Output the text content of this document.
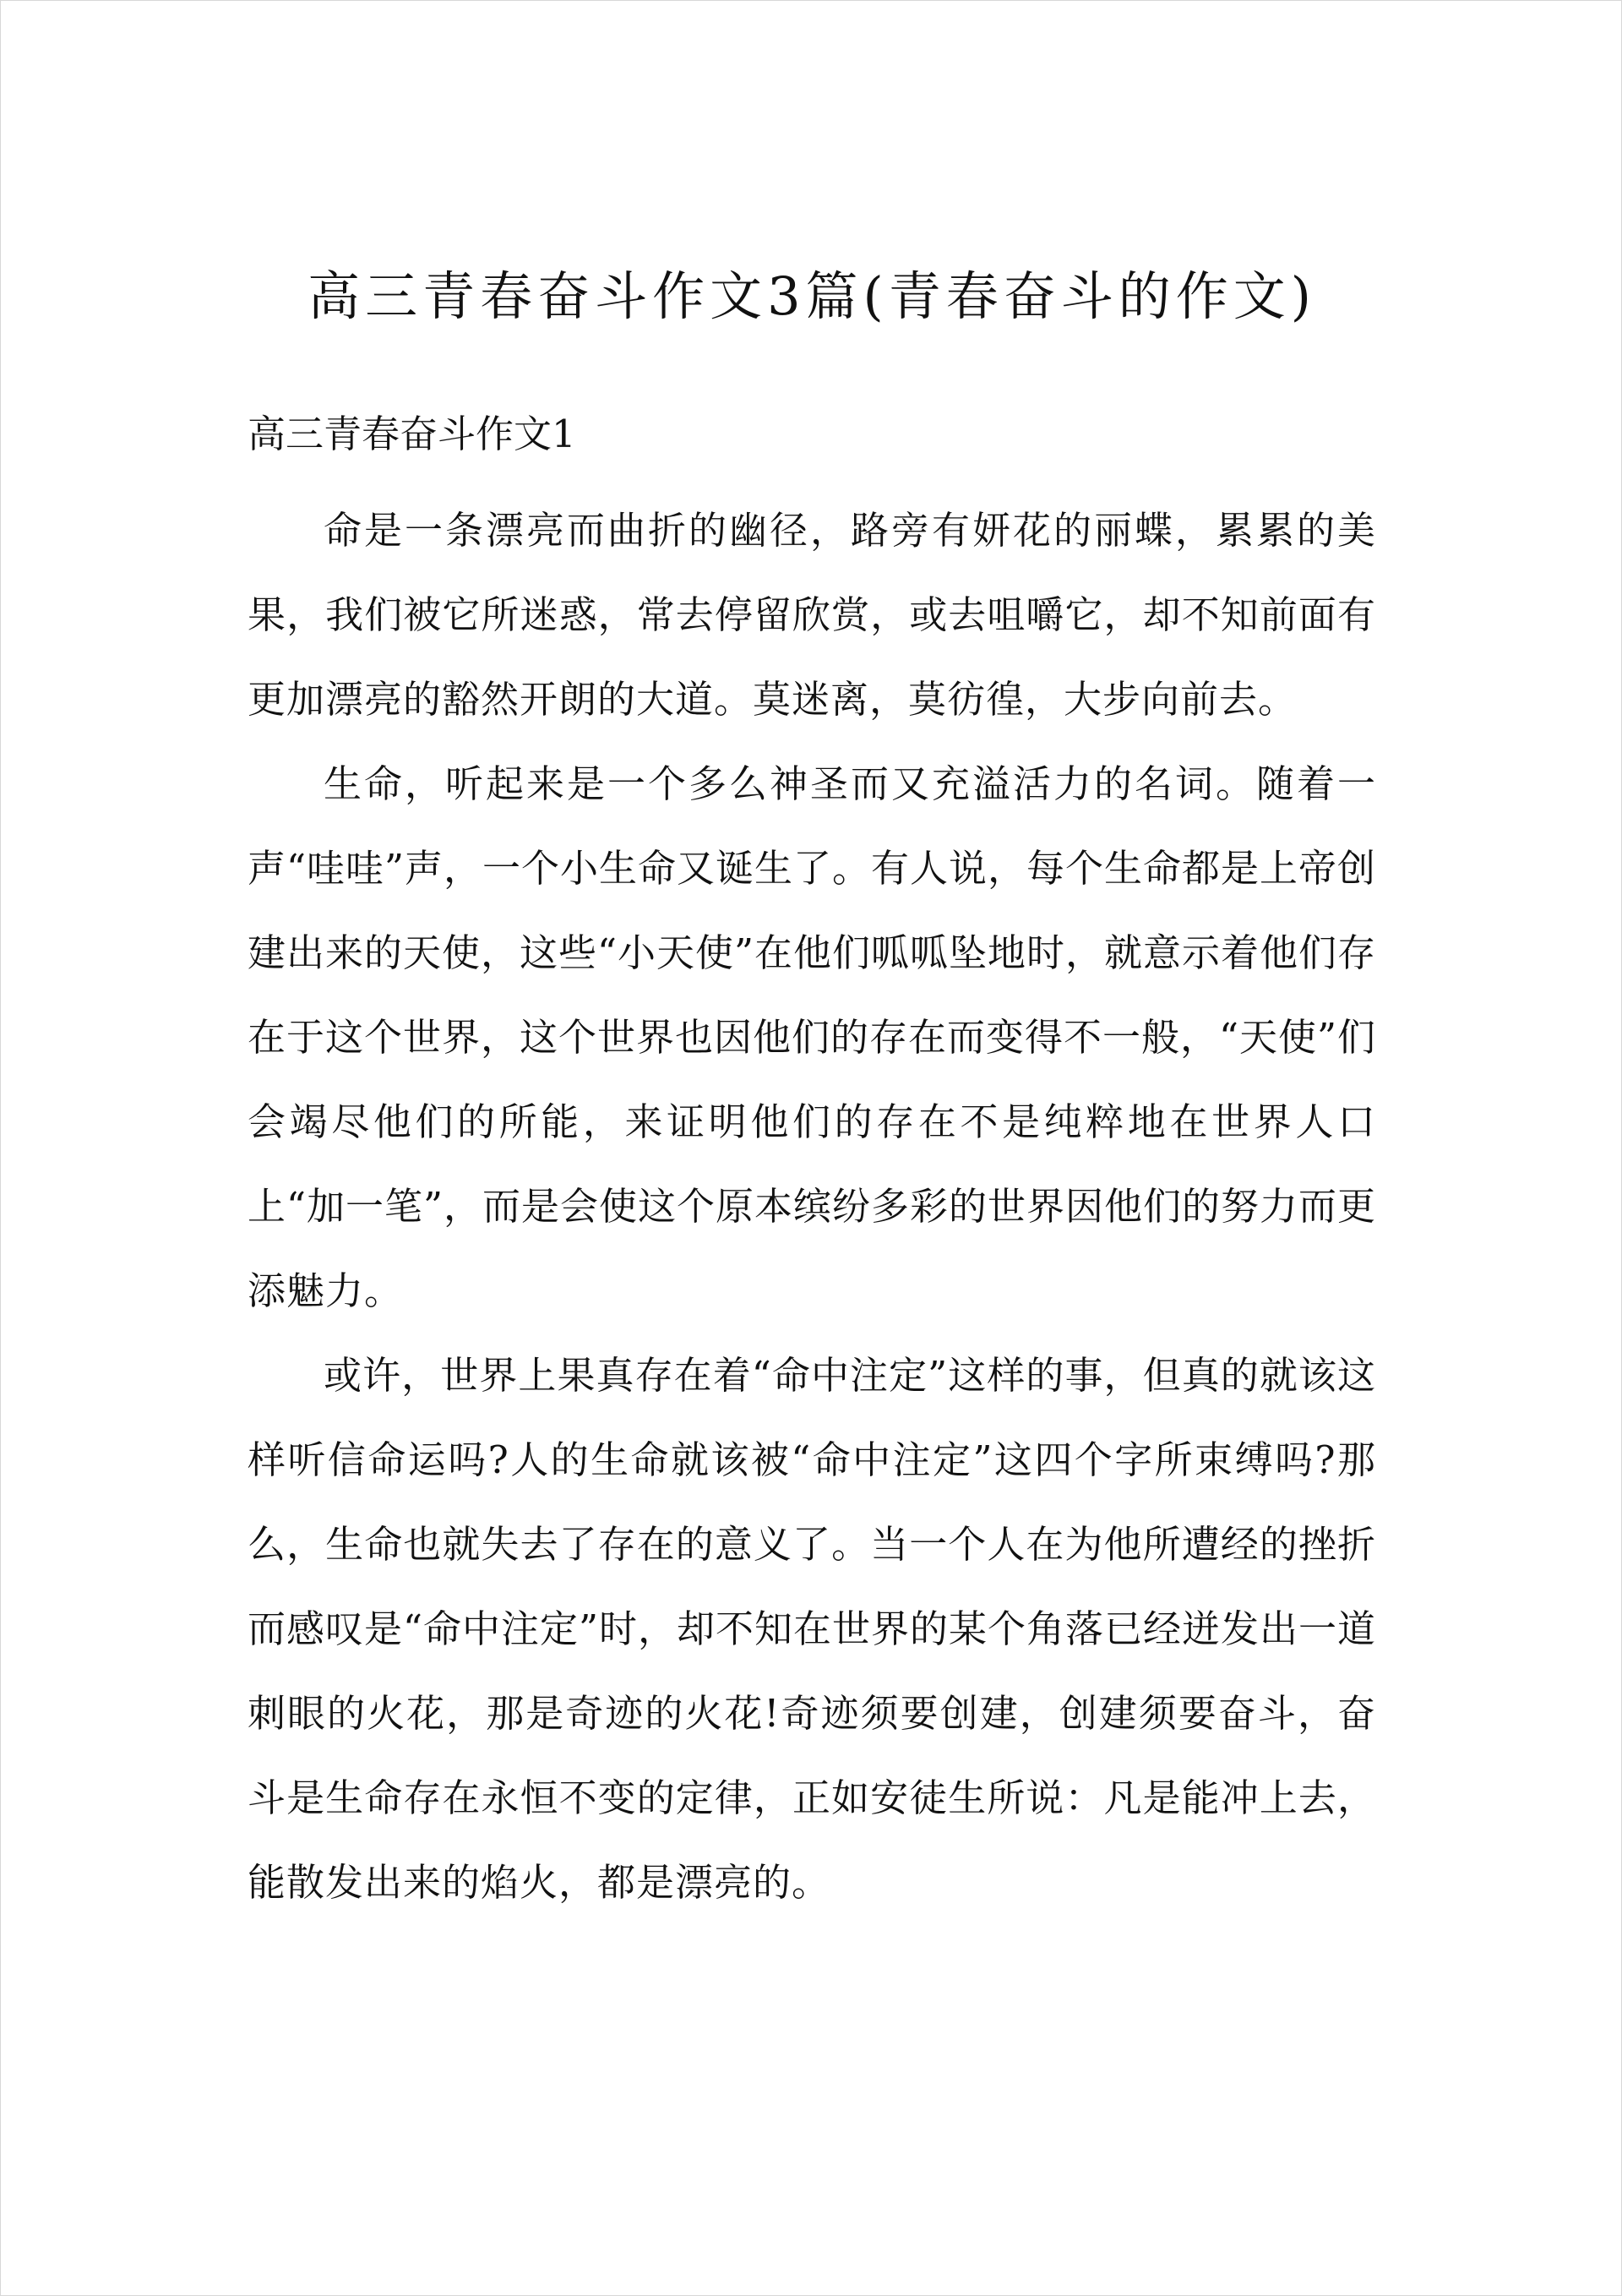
高三青春奋斗作文3篇(青春奋斗的作文)
高三青春奋斗作文1

命是一条漂亮而曲折的幽径，路旁有妍花的丽蝶，累累的美果，我们被它所迷惑，常去停留欣赏，或去咀嚼它，却不知前面有更加漂亮的豁然开朗的大道。莫迷离，莫彷徨，大步向前去。

生命，听起来是一个多么神圣而又充溢活力的名词。随着一声“哇哇”声，一个小生命又诞生了。有人说，每个生命都是上帝创建出来的天使，这些“小天使”在他们呱呱坠地时，就意示着他们存在于这个世界，这个世界也因他们的存在而变得不一般，“天使”们会竭尽他们的所能，来证明他们的存在不是纯粹地在世界人口上“加一笔”，而是会使这个原本缤纷多彩的世界因他们的努力而更添魅力。

或许，世界上果真存在着“命中注定”这样的事，但真的就该这样听信命运吗?人的生命就该被“命中注定”这四个字所束缚吗?那么，生命也就失去了存在的意义了。当一个人在为他所遭经的挫折而感叹是“命中注定”时，却不知在世界的某个角落已经迸发出一道刺眼的火花，那是奇迹的火花!奇迹须要创建，创建须要奋斗，奋斗是生命存在永恒不变的定律，正如安徒生所说：凡是能冲上去，能散发出来的焰火，都是漂亮的。
